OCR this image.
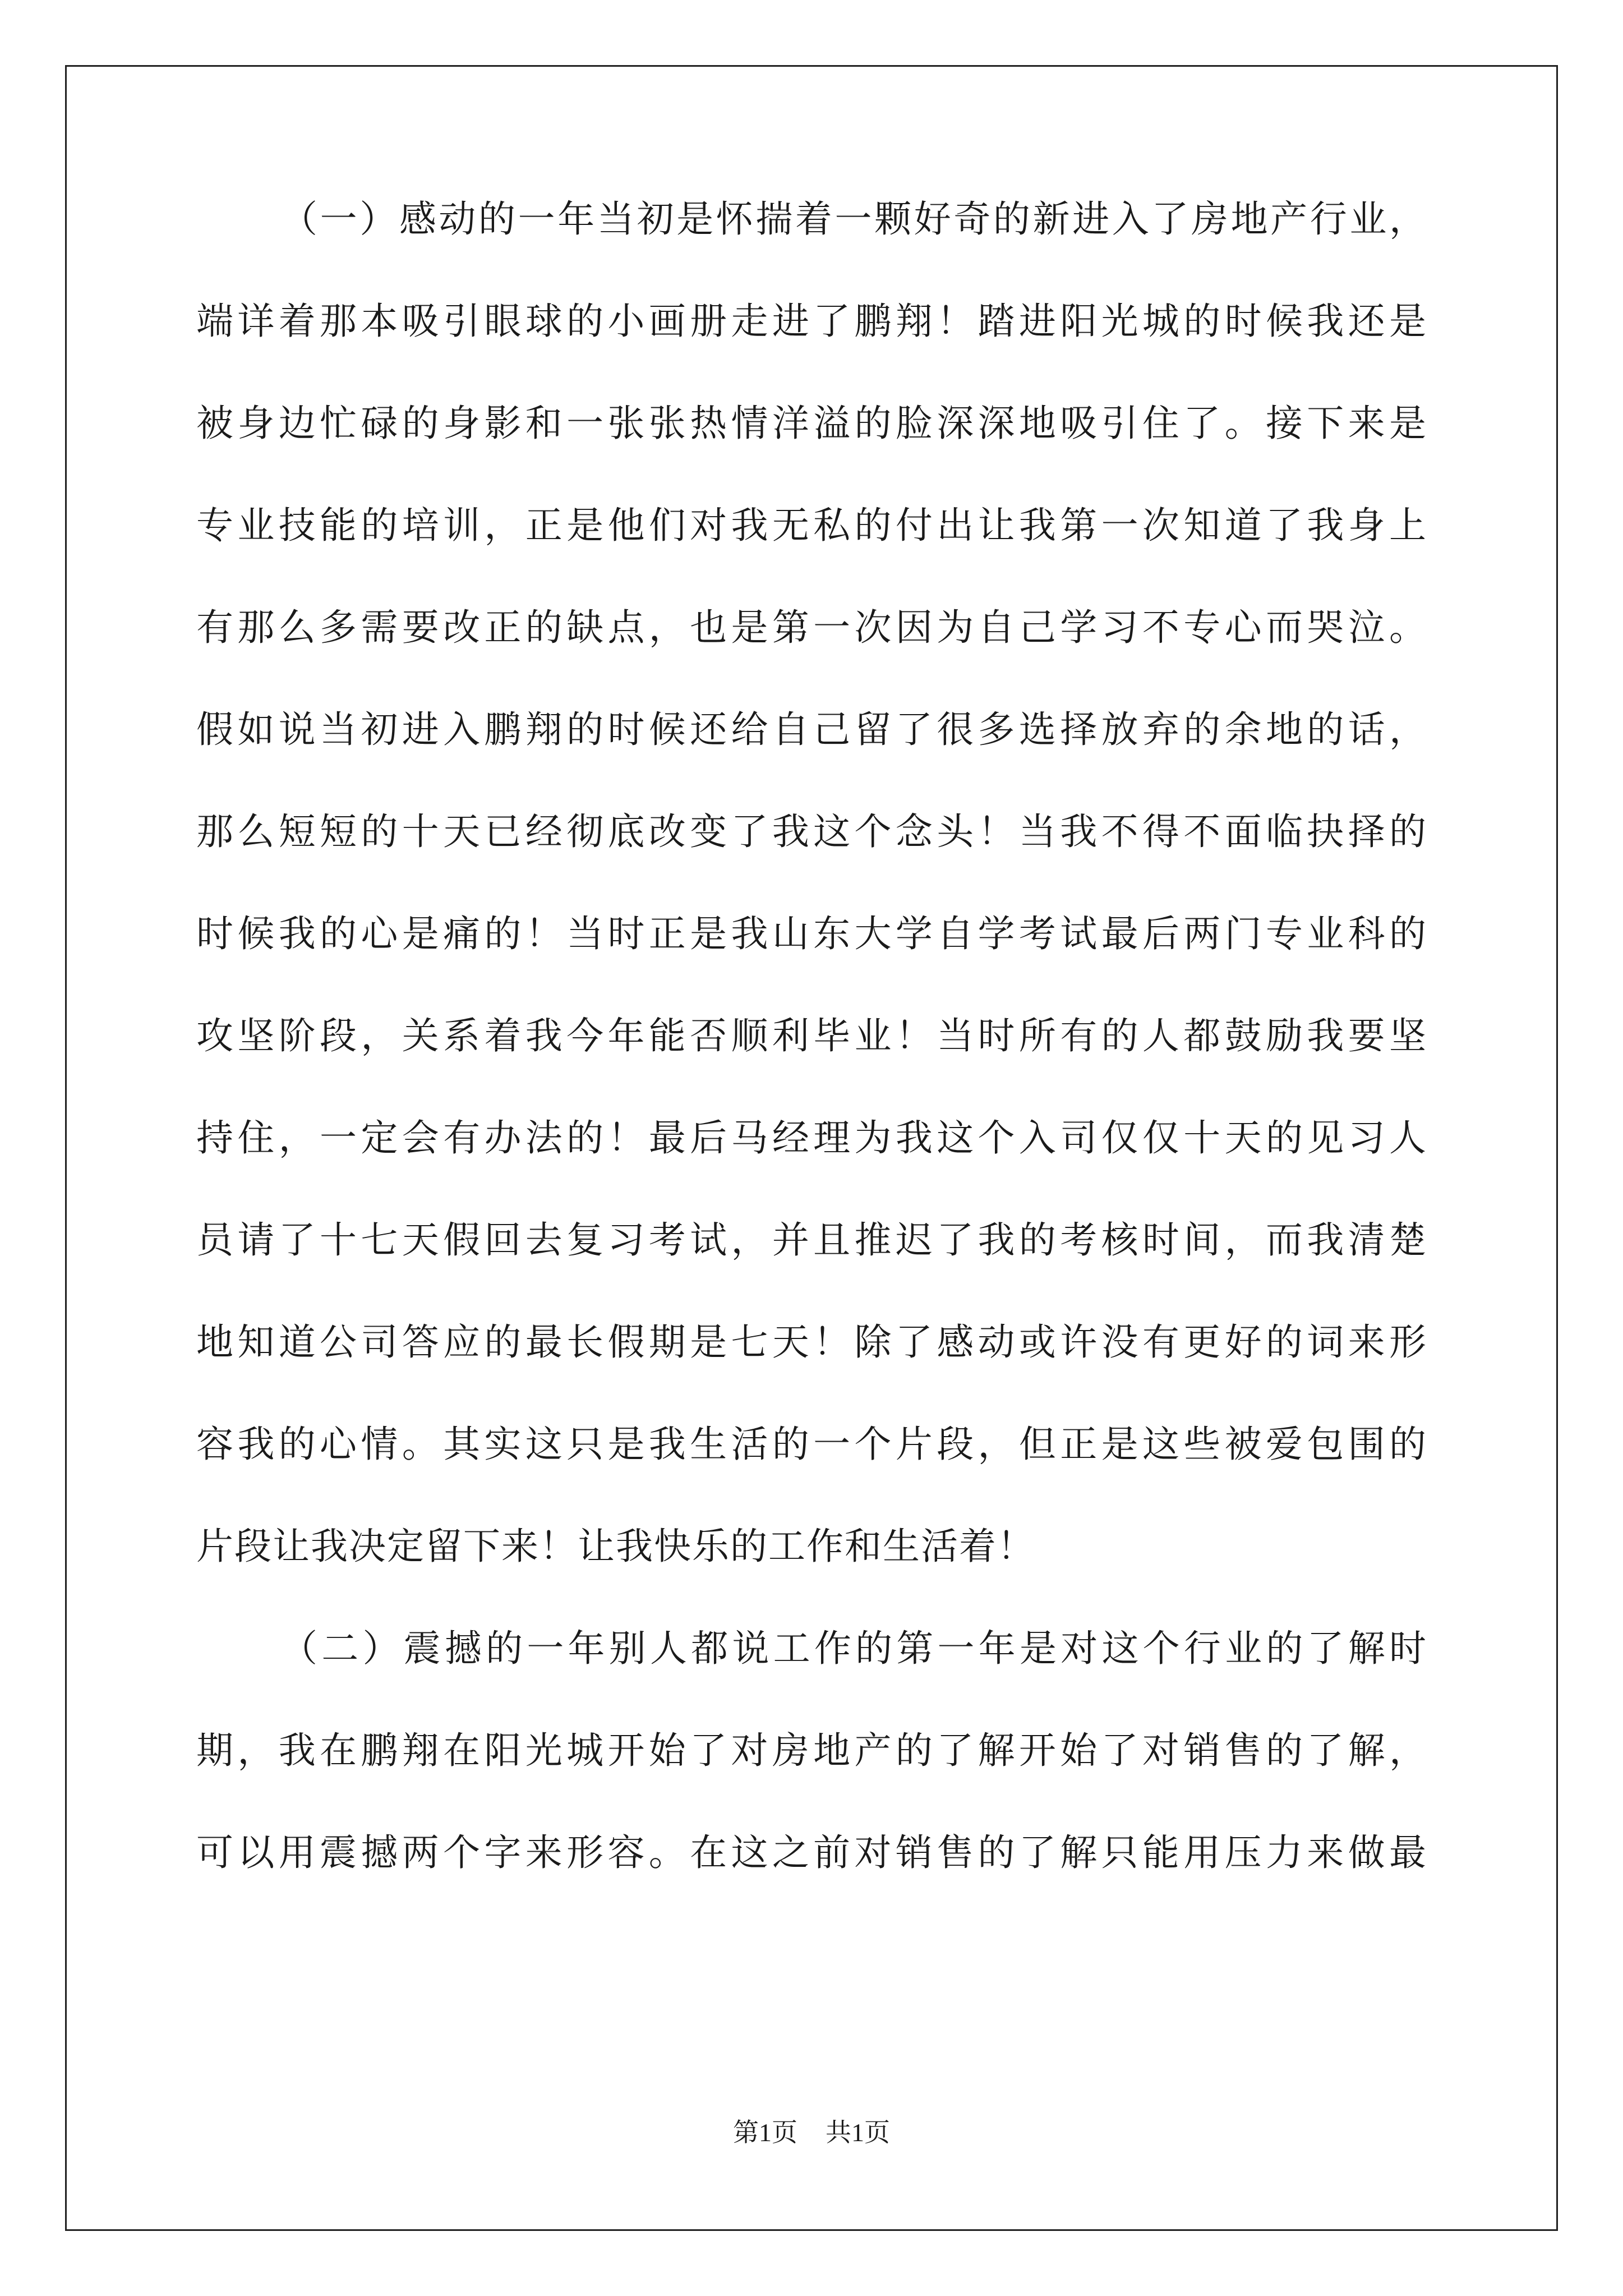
（一）感动的一年当初是怀揣着一颗好奇的新进入了房地产行业，
端详着那本吸引眼球的小画册走进了鹏翔！踏进阳光城的时候我还是
被身边忙碌的身影和一张张热情洋溢的脸深深地吸引住了。接下来是
专业技能的培训，正是他们对我无私的付出让我第一次知道了我身上
有那么多需要改正的缺点，也是第一次因为自己学习不专心而哭泣。
假如说当初进入鹏翔的时候还给自己留了很多选择放弃的余地的话，
那么短短的十天已经彻底改变了我这个念头！当我不得不面临抉择的
时候我的心是痛的！当时正是我山东大学自学考试最后两门专业科的
攻坚阶段，关系着我今年能否顺利毕业！当时所有的人都鼓励我要坚
持住，一定会有办法的！最后马经理为我这个入司仅仅十天的见习人
员请了十七天假回去复习考试，并且推迟了我的考核时间，而我清楚
地知道公司答应的最长假期是七天！除了感动或许没有更好的词来形
容我的心情。其实这只是我生活的一个片段，但正是这些被爱包围的
片段让我决定留下来！让我快乐的工作和生活着！
（二）震撼的一年别人都说工作的第一年是对这个行业的了解时
期，我在鹏翔在阳光城开始了对房地产的了解开始了对销售的了解，
可以用震撼两个字来形容。在这之前对销售的了解只能用压力来做最
第1页 共1页
